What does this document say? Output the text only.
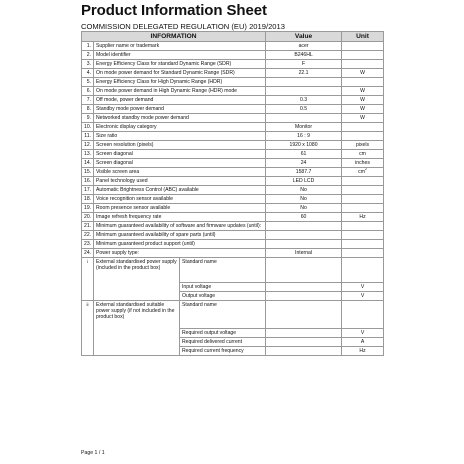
Product Information Sheet
COMMISSION DELEGATED REGULATION (EU) 2019/2013
INFORMATION			Value	Unit
1.	Supplier name or trademark		acer	
2.	Model identifier		B246HL	
3.	Energy Efficiency Class for standard Dynamic Range (SDR)		F	
4.	On mode power demand for Standard Dynamic Range (SDR)		22.1	W
5.	Energy Efficiency Class for High Dynamic Range (HDR)			
6.	On mode power demand in High Dynamic Range (HDR) mode			W
7.	Off mode, power demand		0.3	W
8.	Standby mode power demand		0.5	W
9.	Networked standby mode power demand			W
10.	Electronic display category		Monitor	
11.	Size ratio		16 : 9	
12.	Screen resolution (pixels)		1920 x 1080	pixels
13.	Screen diagonal		61	cm
14.	Screen diagonal		24	inches
15.	Visible screen area		1587.7	$cm^2$
16.	Panel technology used		LED LCD	
17.	Automatic Brightness Control (ABC) available		No	
18.	Voice recognition sensor available		No	
19.	Room presence sensor available		No	
20.	Image refresh frequency rate		60	Hz
21.	Minimum guaranteed availability of software and firmware updates (until):			
22.	Minimum guaranteed availability of spare parts (until)			
23.	Minimum guaranteed product support (until)			
24.	Power supply type:		Internal	
i	External standardised power supply (included in the product box)	Standard name		
		Input voltage		V
		Output voltage		V
ii	External standardised suitable power supply (if not included in the product box)	Standard name		
		Required output voltage		V
		Required delivered current		A
		Required current frequency		Hz
Page 1 / 1
